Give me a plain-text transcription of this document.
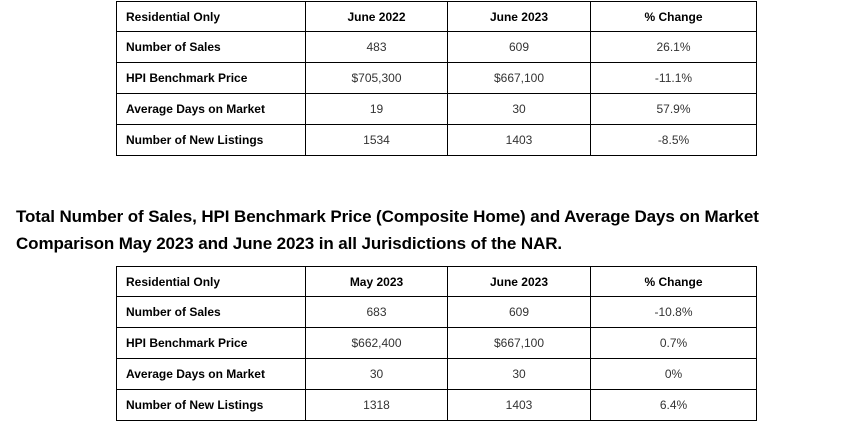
Residential Only	June 2022	June 2023	% Change
Number of Sales	483	609	26.1%
HPI Benchmark Price	$705,300	$667,100	-11.1%
Average Days on Market	19	30	57.9%
Number of New Listings	1534	1403	-8.5%
Total Number of Sales, HPI Benchmark Price (Composite Home) and Average Days on Market
Comparison May 2023 and June 2023 in all Jurisdictions of the NAR.
Residential Only	May 2023	June 2023	% Change
Number of Sales	683	609	-10.8%
HPI Benchmark Price	$662,400	$667,100	0.7%
Average Days on Market	30	30	0%
Number of New Listings	1318	1403	6.4%
